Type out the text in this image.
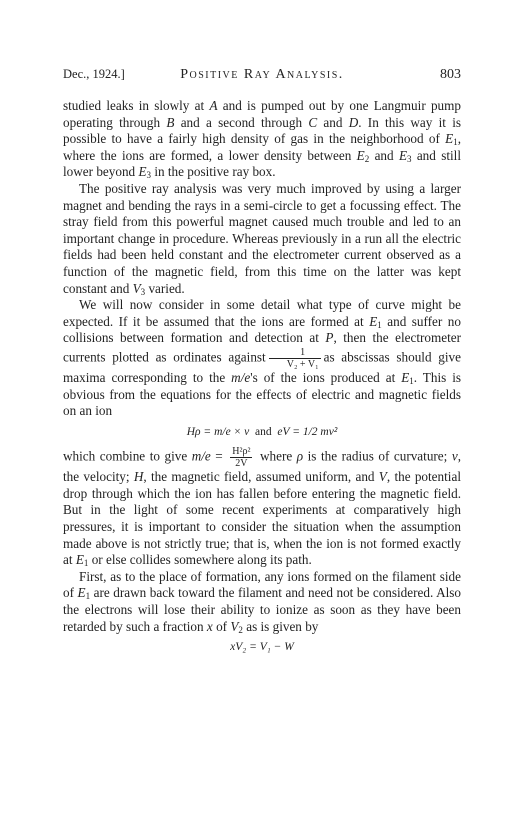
Dec., 1924.]	Positive Ray Analysis.	803

studied leaks in slowly at A and is pumped out by one Langmuir pump operating through B and a second through C and D. In this way it is possible to have a fairly high density of gas in the neighborhood of $E_1$, where the ions are formed, a lower density between $E_2$ and $E_3$ and still lower beyond $E_3$ in the positive ray box.

The positive ray analysis was very much improved by using a larger magnet and bending the rays in a semi-circle to get a focussing effect. The stray field from this powerful magnet caused much trouble and led to an important change in procedure. Whereas previously in a run all the electric fields had been held constant and the electrometer current observed as a function of the magnetic field, from this time on the latter was kept constant and $V_3$ varied.

We will now consider in some detail what type of curve might be expected. If it be assumed that the ions are formed at $E_1$ and suffer no collisions between formation and detection at P, then the electrometer currents plotted as ordinates against $\frac{1}{\text{V₂ + V₁}}$ as abscissas should give maxima corresponding to the m/e's of the ions produced at $E_1$. This is obvious from the equations for the effects of electric and magnetic fields on an ion

Hρ = m/e × v and eV = 1/2 mv²

which combine to give $m/e = \frac{\text{H²ρ²}}{2V}$ where ρ is the radius of curvature; v, the velocity; H, the magnetic field, assumed uniform, and V, the potential drop through which the ion has fallen before entering the magnetic field. But in the light of some recent experiments at comparatively high pressures, it is important to consider the situation when the assumption made above is not strictly true; that is, when the ion is not formed exactly at $E_1$ or else collides somewhere along its path.

First, as to the place of formation, any ions formed on the filament side of $E_1$ are drawn back toward the filament and need not be considered. Also the electrons will lose their ability to ionize as soon as they have been retarded by such a fraction x of $V_2$ as is given by

xV₂ = V₁ − W
